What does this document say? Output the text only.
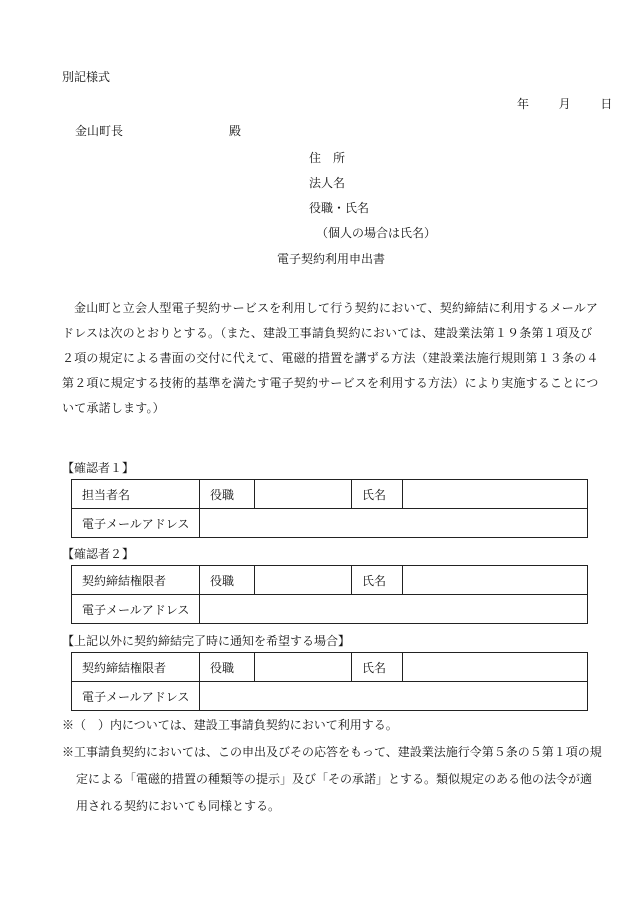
別記様式
年 月 日
金山町長	殿
住　所
法人名
役職・氏名
（個人の場合は氏名）
電子契約利用申出書
金山町と立会人型電子契約サービスを利用して行う契約において、契約締結に利用するメールアドレスは次のとおりとする。（また、建設工事請負契約においては、建設業法第１９条第１項及び２項の規定による書面の交付に代えて、電磁的措置を講ずる方法（建設業法施行規則第１３条の４第２項に規定する技術的基準を満たす電子契約サービスを利用する方法）により実施することについて承諾します。）
【確認者１】
担当者名	役職		氏名	
電子メールアドレス				
【確認者２】
契約締結権限者	役職		氏名	
電子メールアドレス				
【上記以外に契約締結完了時に通知を希望する場合】
契約締結権限者	役職		氏名	
電子メールアドレス				
※（　）内については、建設工事請負契約において利用する。
※工事請負契約においては、この申出及びその応答をもって、建設業法施行令第５条の５第１項の規
定による「電磁的措置の種類等の提示」及び「その承諾」とする。類似規定のある他の法令が適
用される契約においても同様とする。
